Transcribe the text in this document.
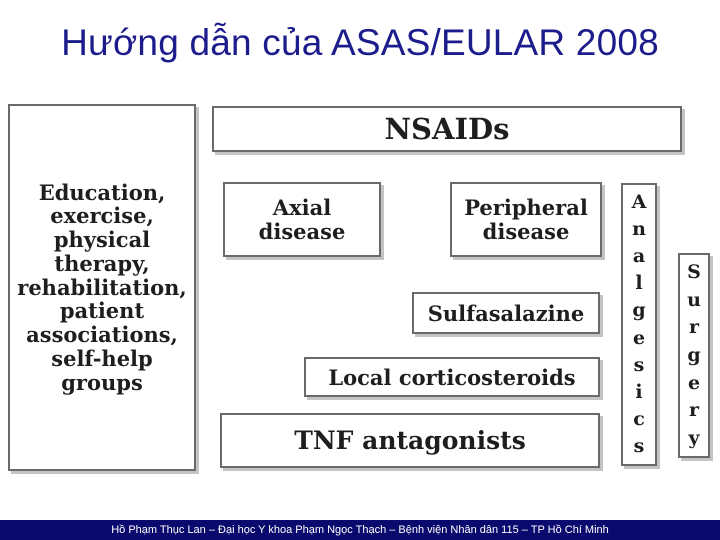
Hướng dẫn của ASAS/EULAR 2008
Education,
exercise,
physical
therapy,
rehabilitation,
patient
associations,
self-help groups
NSAIDs
Axial
disease
Peripheral
disease
Sulfasalazine
Local corticosteroids
TNF antagonists
A
n
a
l
g
e
s
i
c
s
S
u
r
g
e
r
y
Hồ Phạm Thục Lan – Đại học Y khoa Phạm Ngọc Thạch – Bệnh viện Nhân dân 115 – TP Hồ Chí Minh
